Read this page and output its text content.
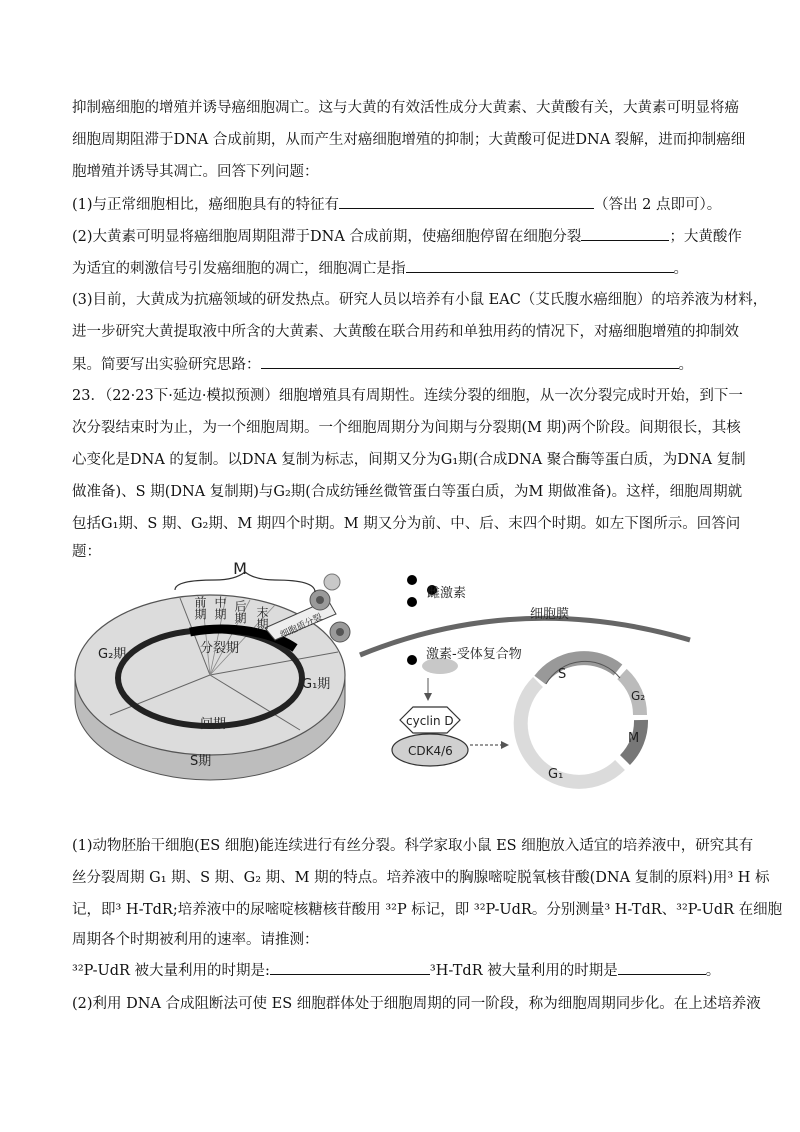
抑制癌细胞的增殖并诱导癌细胞凋亡。这与大黄的有效活性成分大黄素、大黄酸有关，大黄素可明显将癌
细胞周期阻滞于DNA 合成前期，从而产生对癌细胞增殖的抑制；大黄酸可促进DNA 裂解，进而抑制癌细
胞增殖并诱导其凋亡。回答下列问题：
(1)与正常细胞相比，癌细胞具有的特征有	（答出 2 点即可）。
(2)大黄素可明显将癌细胞周期阻滞于DNA 合成前期，使癌细胞停留在细胞分裂	；大黄酸作
为适宜的刺激信号引发癌细胞的凋亡，细胞凋亡是指	。
(3)目前，大黄成为抗癌领域的研发热点。研究人员以培养有小鼠 EAC（艾氏腹水癌细胞）的培养液为材料，
进一步研究大黄提取液中所含的大黄素、大黄酸在联合用药和单独用药的情况下，对癌细胞增殖的抑制效
果。简要写出实验研究思路：	。
23．（22·23下·延边·模拟预测）细胞增殖具有周期性。连续分裂的细胞，从一次分裂完成时开始，到下一
次分裂结束时为止，为一个细胞周期。一个细胞周期分为间期与分裂期(M 期)两个阶段。间期很长，其核
心变化是DNA 的复制。以DNA 复制为标志，间期又分为G₁期(合成DNA 聚合酶等蛋白质，为DNA 复制
做准备)、S 期(DNA 复制期)与G₂期(合成纺锤丝微管蛋白等蛋白质，为M 期做准备)。这样，细胞周期就
包括G₁期、S 期、G₂期、M 期四个时期。M 期又分为前、中、后、末四个时期。如左下图所示。回答问
题：
M
前期 中期 后期 末期
分裂期
细胞质分裂
G₂期
G₁期
间期
S期
雌激素
细胞膜
激素-受体复合物
cyclin D
CDK4/6
S
G₂
M
G₁
(1)动物胚胎干细胞(ES 细胞)能连续进行有丝分裂。科学家取小鼠 ES 细胞放入适宜的培养液中，研究其有
丝分裂周期 G₁ 期、S 期、G₂ 期、M 期的特点。培养液中的胸腺嘧啶脱氧核苷酸(DNA 复制的原料)用³ H 标
记，即³ H-TdR;培养液中的尿嘧啶核糖核苷酸用 ³²P 标记，即 ³²P-UdR。分别测量³ H-TdR、³²P-UdR 在细胞
周期各个时期被利用的速率。请推测：
³²P-UdR 被大量利用的时期是:	³H-TdR 被大量利用的时期是	。
(2)利用 DNA 合成阻断法可使 ES 细胞群体处于细胞周期的同一阶段，称为细胞周期同步化。在上述培养液
